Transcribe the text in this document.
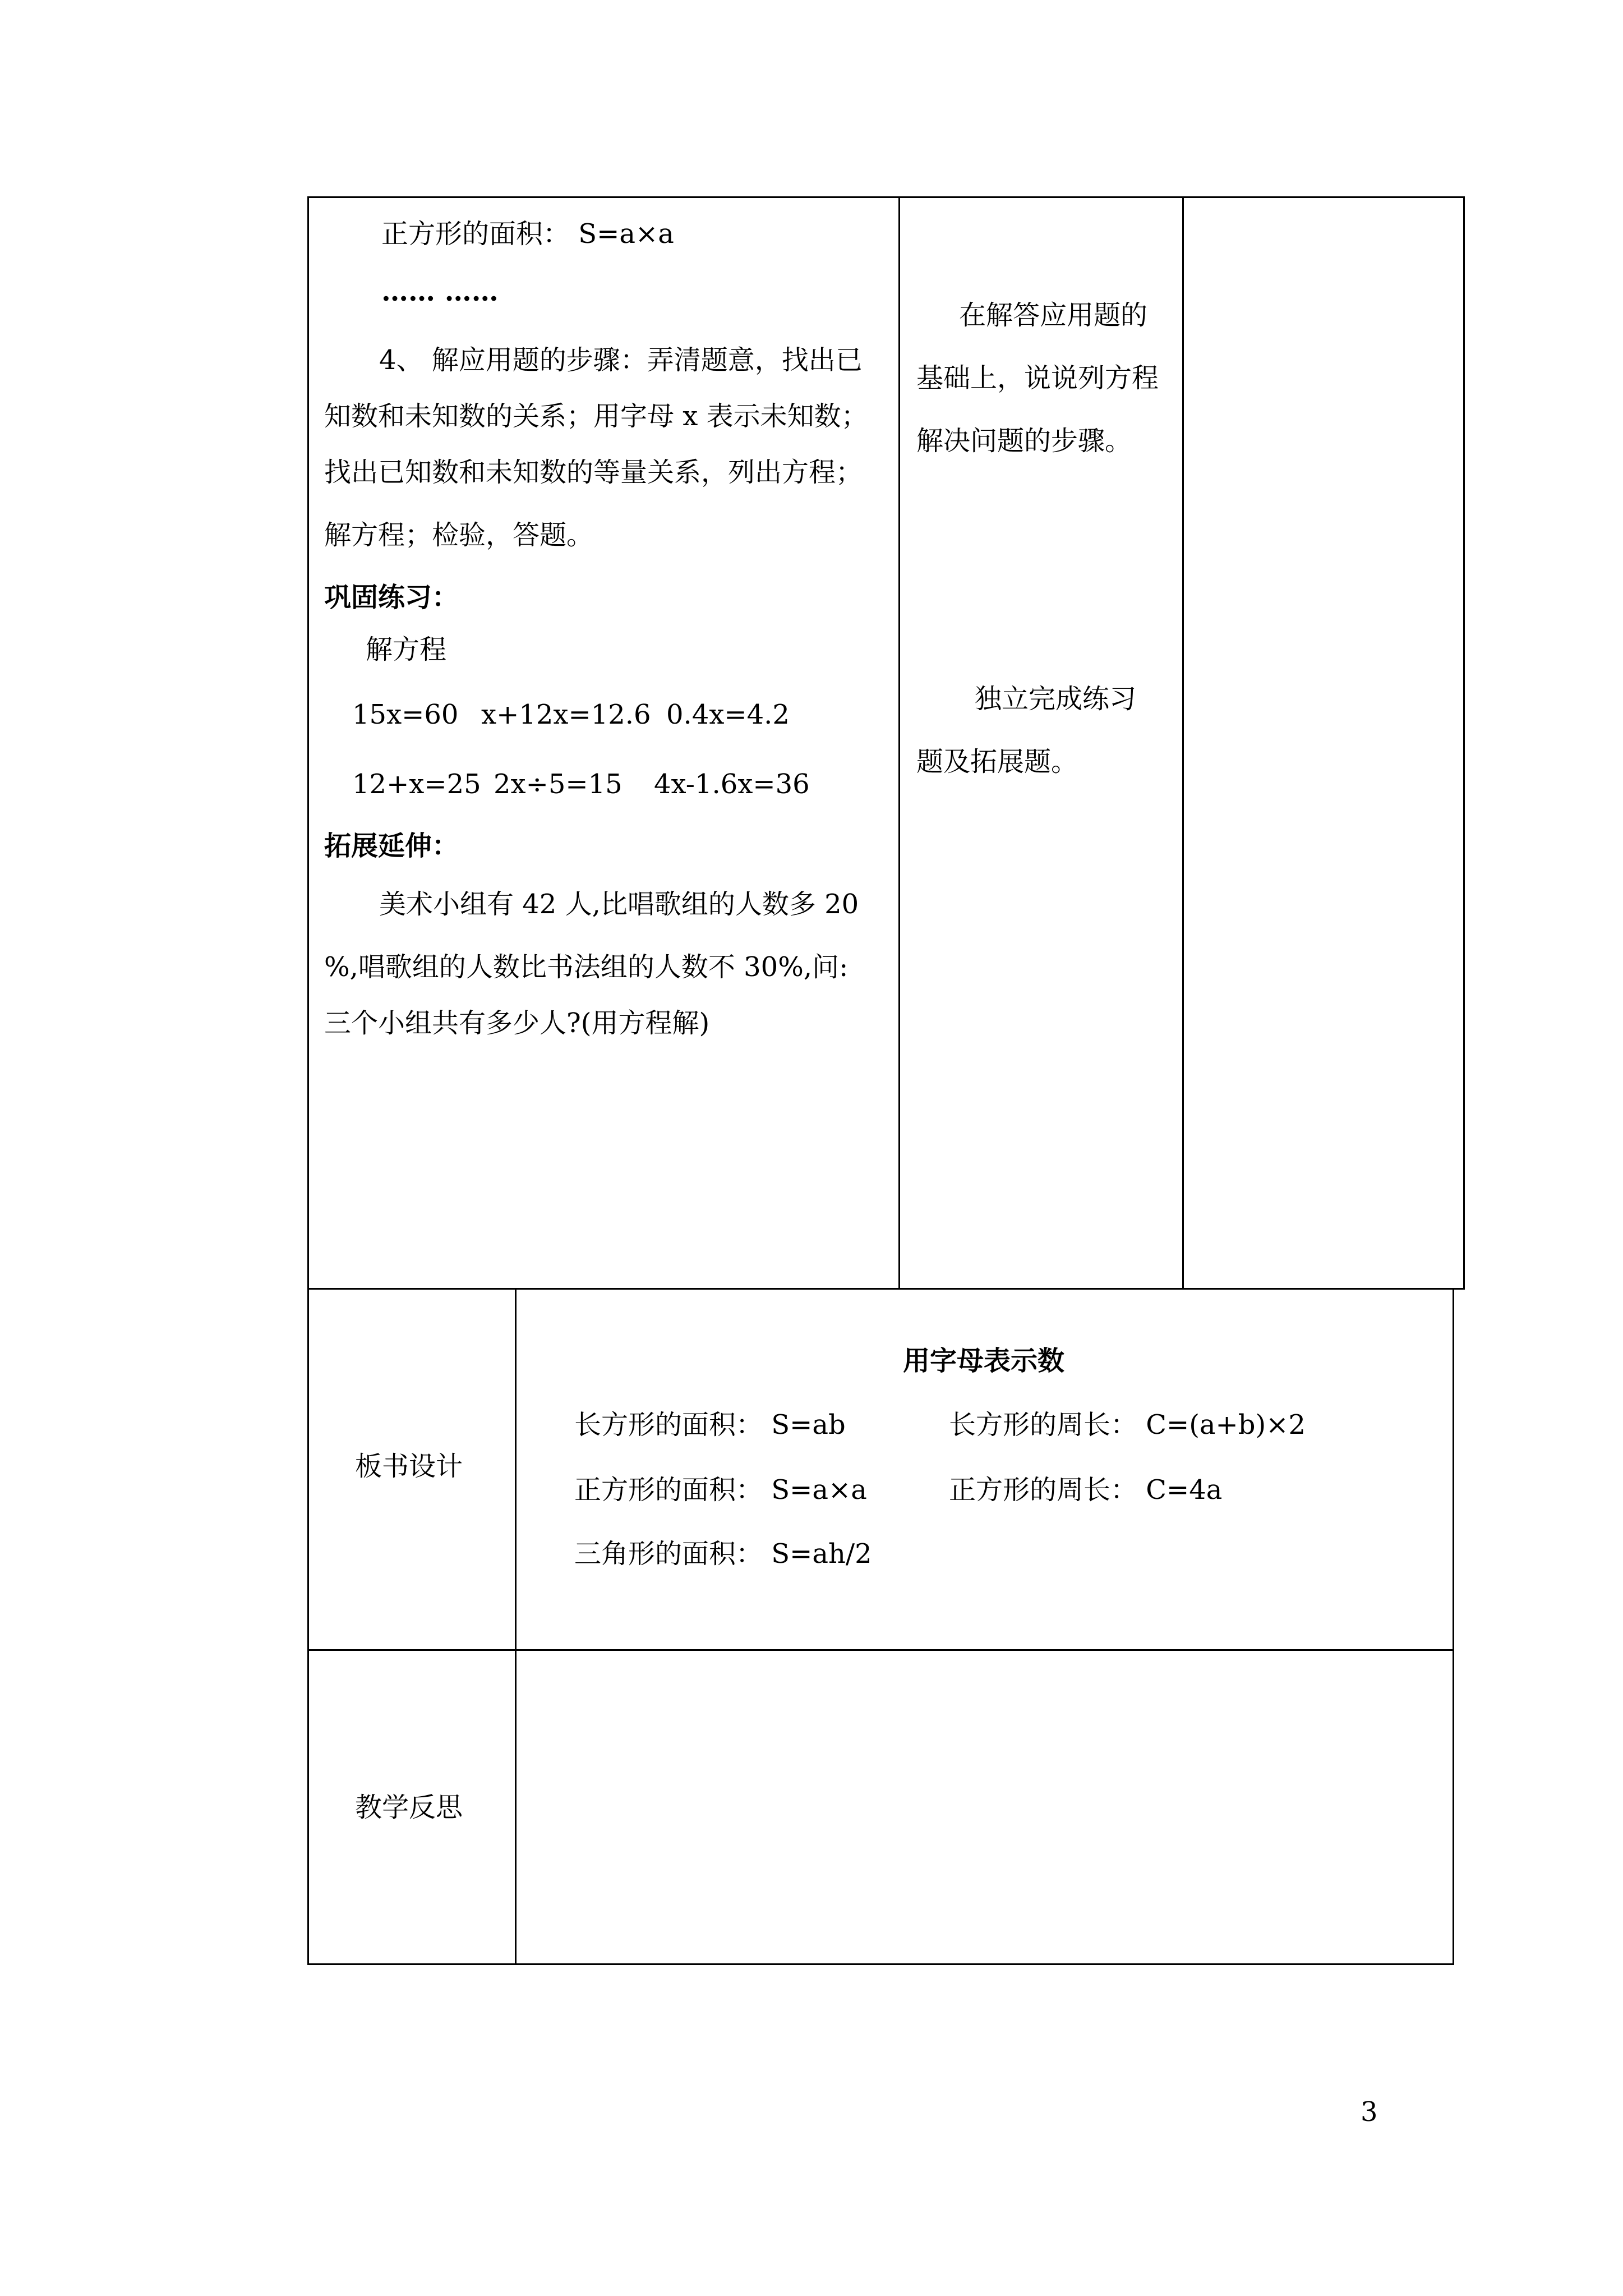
正方形的面积： S=a×a
…… ……
4、 解应用题的步骤：弄清题意，找出已
知数和未知数的关系；用字母 x 表示未知数；
找出已知数和未知数的等量关系，列出方程；
解方程；检验，答题。
巩固练习：
解方程
15x=60 x+12x=12.6 0.4x=4.2
12+x=25 2x÷5=15 4x-1.6x=36
拓展延伸：
美术小组有 42 人,比唱歌组的人数多 20
%,唱歌组的人数比书法组的人数不 30%,问:
三个小组共有多少人?(用方程解)
在解答应用题的
基础上，说说列方程
解决问题的步骤。
独立完成练习
题及拓展题。
板书设计
用字母表示数
长方形的面积： S=ab	长方形的周长： C=(a+b)×2
正方形的面积： S=a×a	正方形的周长： C=4a
三角形的面积： S=ah/2
教学反思
3
